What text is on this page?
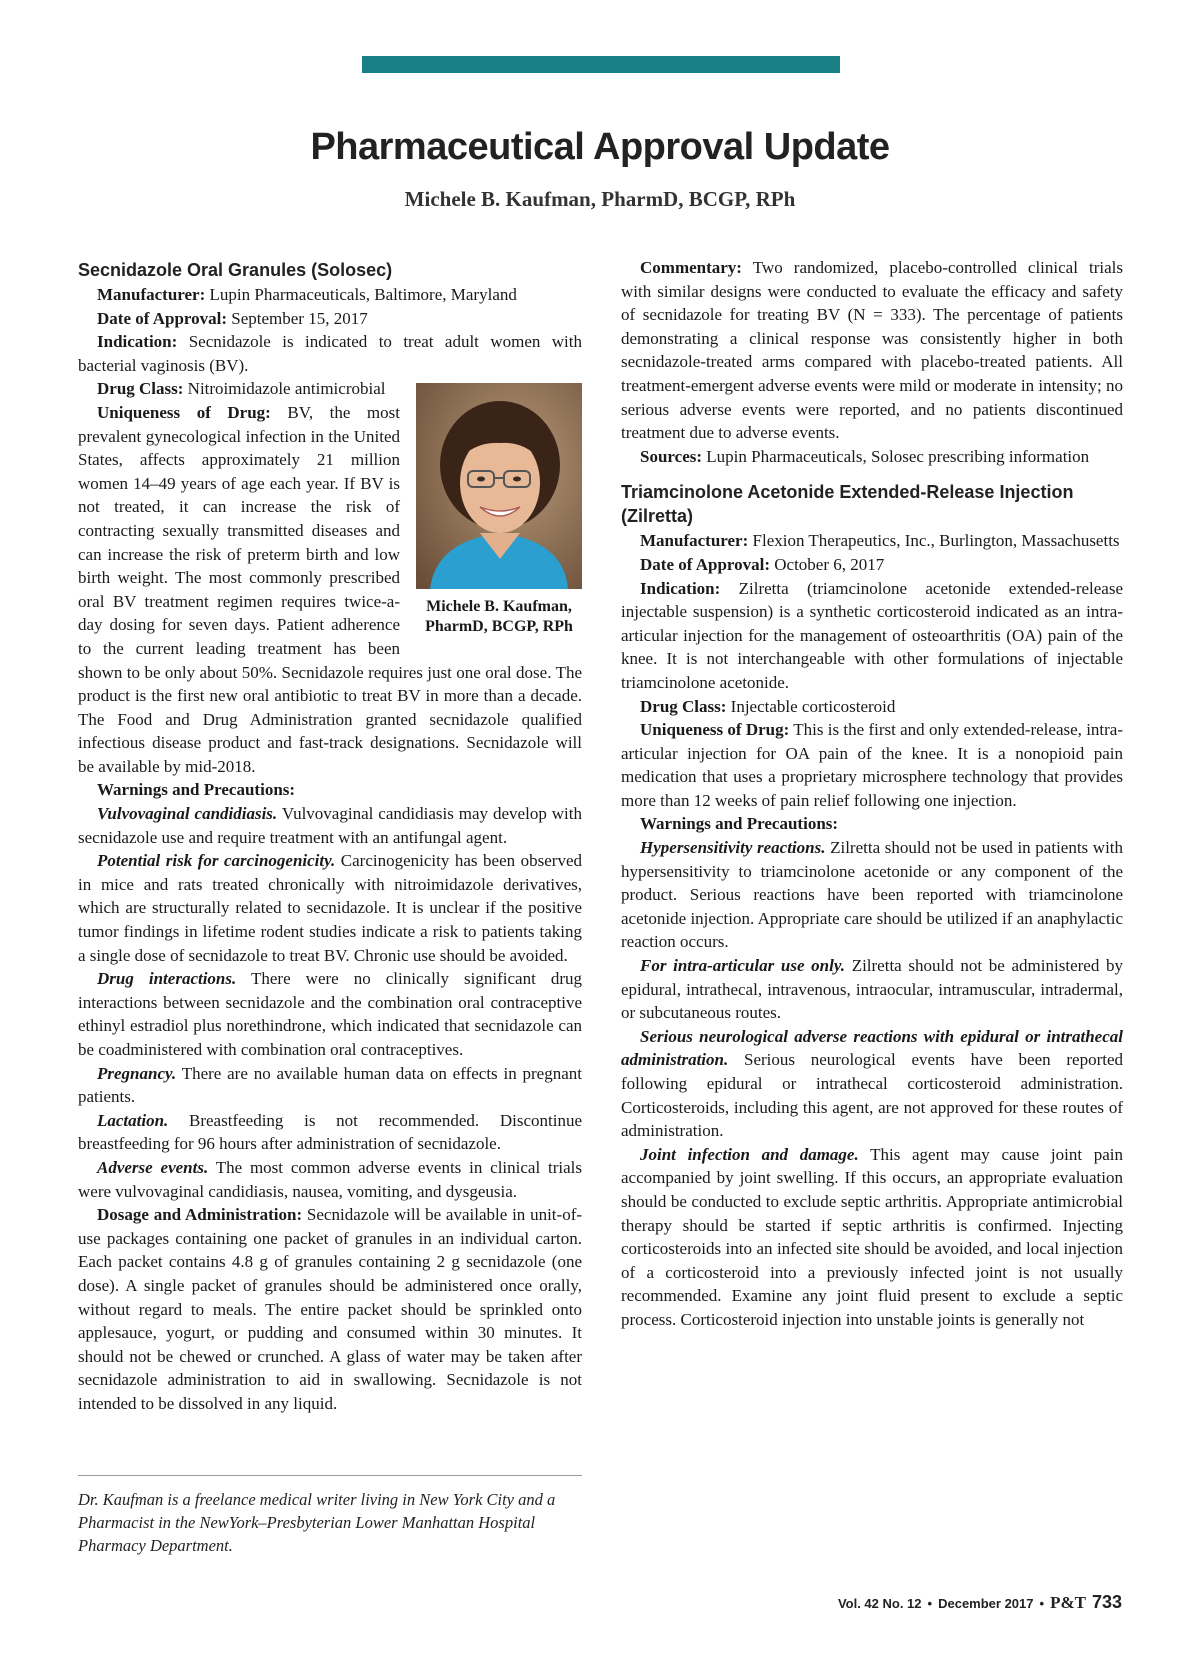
Pharmaceutical Approval Update

Michele B. Kaufman, PharmD, BCGP, RPh

Secnidazole Oral Granules (Solosec)

Manufacturer: Lupin Pharmaceuticals, Baltimore, Maryland

Date of Approval: September 15, 2017

Indication: Secnidazole is indicated to treat adult women with bacterial vaginosis (BV).

Michele B. Kaufman,
PharmD, BCGP, RPh

Drug Class: Nitroimidazole antimicrobial

Uniqueness of Drug: BV, the most prevalent gynecological infection in the United States, affects approximately 21 million women 14–49 years of age each year. If BV is not treated, it can increase the risk of contracting sexually transmitted diseases and can increase the risk of preterm birth and low birth weight. The most commonly prescribed oral BV treatment regimen requires twice-a-day dosing for seven days. Patient adherence to the current leading treatment has been shown to be only about 50%. Secnidazole requires just one oral dose. The product is the first new oral antibiotic to treat BV in more than a decade. The Food and Drug Administration granted secnidazole qualified infectious disease product and fast-track designations. Secnidazole will be available by mid-2018.

Warnings and Precautions:

Vulvovaginal candidiasis. Vulvovaginal candidiasis may develop with secnidazole use and require treatment with an antifungal agent.

Potential risk for carcinogenicity. Carcinogenicity has been observed in mice and rats treated chronically with nitroimidazole derivatives, which are structurally related to secnidazole. It is unclear if the positive tumor findings in lifetime rodent studies indicate a risk to patients taking a single dose of secnidazole to treat BV. Chronic use should be avoided.

Drug interactions. There were no clinically significant drug interactions between secnidazole and the combination oral contraceptive ethinyl estradiol plus norethindrone, which indicated that secnidazole can be coadministered with combination oral contraceptives.

Pregnancy. There are no available human data on effects in pregnant patients.

Lactation. Breastfeeding is not recommended. Discontinue breastfeeding for 96 hours after administration of secnidazole.

Adverse events. The most common adverse events in clinical trials were vulvovaginal candidiasis, nausea, vomiting, and dysgeusia.

Dosage and Administration: Secnidazole will be available in unit-of-use packages containing one packet of granules in an individual carton. Each packet contains 4.8 g of granules containing 2 g secnidazole (one dose). A single packet of granules should be administered once orally, without regard to meals. The entire packet should be sprinkled onto applesauce, yogurt, or pudding and consumed within 30 minutes. It should not be chewed or crunched. A glass of water may be taken after secnidazole administration to aid in swallowing. Secnidazole is not intended to be dissolved in any liquid.

Dr. Kaufman is a freelance medical writer living in New York City and a Pharmacist in the NewYork–Presbyterian Lower Manhattan Hospital Pharmacy Department.

Commentary: Two randomized, placebo-controlled clinical trials with similar designs were conducted to evaluate the efficacy and safety of secnidazole for treating BV (N = 333). The percentage of patients demonstrating a clinical response was consistently higher in both secnidazole-treated arms compared with placebo-treated patients. All treatment-emergent adverse events were mild or moderate in intensity; no serious adverse events were reported, and no patients discontinued treatment due to adverse events.

Sources: Lupin Pharmaceuticals, Solosec prescribing information

Triamcinolone Acetonide Extended-Release Injection (Zilretta)

Manufacturer: Flexion Therapeutics, Inc., Burlington, Massachusetts

Date of Approval: October 6, 2017

Indication: Zilretta (triamcinolone acetonide extended-release injectable suspension) is a synthetic corticosteroid indicated as an intra-articular injection for the management of osteoarthritis (OA) pain of the knee. It is not interchangeable with other formulations of injectable triamcinolone acetonide.

Drug Class: Injectable corticosteroid

Uniqueness of Drug: This is the first and only extended-release, intra-articular injection for OA pain of the knee. It is a nonopioid pain medication that uses a proprietary microsphere technology that provides more than 12 weeks of pain relief following one injection.

Warnings and Precautions:

Hypersensitivity reactions. Zilretta should not be used in patients with hypersensitivity to triamcinolone acetonide or any component of the product. Serious reactions have been reported with triamcinolone acetonide injection. Appropriate care should be utilized if an anaphylactic reaction occurs.

For intra-articular use only. Zilretta should not be administered by epidural, intrathecal, intravenous, intraocular, intramuscular, intradermal, or subcutaneous routes.

Serious neurological adverse reactions with epidural or intrathecal administration. Serious neurological events have been reported following epidural or intrathecal corticosteroid administration. Corticosteroids, including this agent, are not approved for these routes of administration.

Joint infection and damage. This agent may cause joint pain accompanied by joint swelling. If this occurs, an appropriate evaluation should be conducted to exclude septic arthritis. Appropriate antimicrobial therapy should be started if septic arthritis is confirmed. Injecting corticosteroids into an infected site should be avoided, and local injection of a corticosteroid into a previously infected joint is not usually recommended. Examine any joint fluid present to exclude a septic process. Corticosteroid injection into unstable joints is generally not

Vol. 42 No. 12 • December 2017 • P&T 733
